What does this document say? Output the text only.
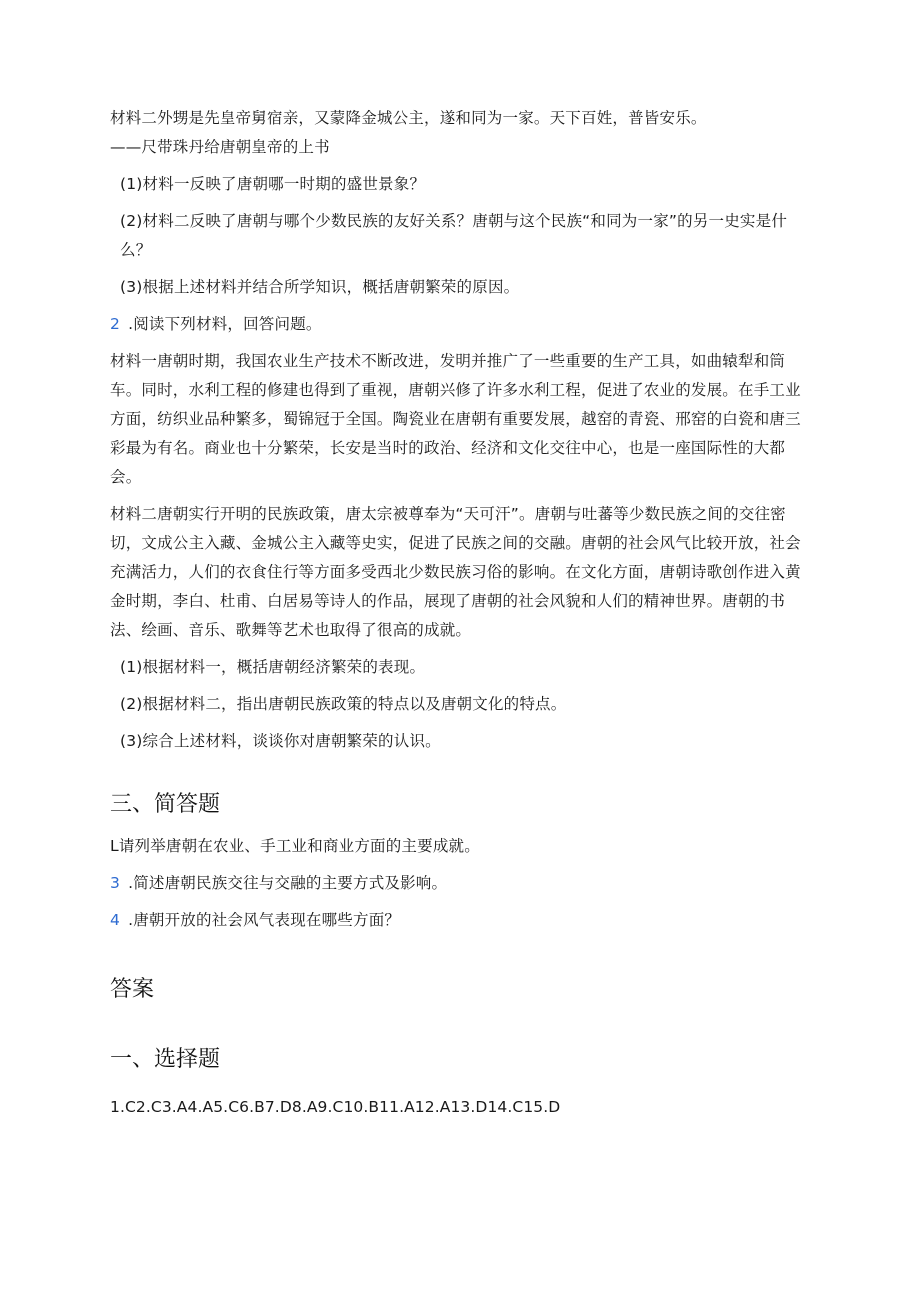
材料二外甥是先皇帝舅宿亲，又蒙降金城公主，遂和同为一家。天下百姓，普皆安乐。

——尺带珠丹给唐朝皇帝的上书

(1)材料一反映了唐朝哪一时期的盛世景象？

(2)材料二反映了唐朝与哪个少数民族的友好关系？唐朝与这个民族“和同为一家”的另一史实是什么？

(3)根据上述材料并结合所学知识，概括唐朝繁荣的原因。

2 .阅读下列材料，回答问题。

材料一唐朝时期，我国农业生产技术不断改进，发明并推广了一些重要的生产工具，如曲辕犁和筒车。同时，水利工程的修建也得到了重视，唐朝兴修了许多水利工程，促进了农业的发展。在手工业方面，纺织业品种繁多，蜀锦冠于全国。陶瓷业在唐朝有重要发展，越窑的青瓷、邢窑的白瓷和唐三彩最为有名。商业也十分繁荣，长安是当时的政治、经济和文化交往中心，也是一座国际性的大都会。

材料二唐朝实行开明的民族政策，唐太宗被尊奉为“天可汗”。唐朝与吐蕃等少数民族之间的交往密切，文成公主入藏、金城公主入藏等史实，促进了民族之间的交融。唐朝的社会风气比较开放，社会充满活力，人们的衣食住行等方面多受西北少数民族习俗的影响。在文化方面，唐朝诗歌创作进入黄金时期，李白、杜甫、白居易等诗人的作品，展现了唐朝的社会风貌和人们的精神世界。唐朝的书法、绘画、音乐、歌舞等艺术也取得了很高的成就。

(1)根据材料一，概括唐朝经济繁荣的表现。

(2)根据材料二，指出唐朝民族政策的特点以及唐朝文化的特点。

(3)综合上述材料，谈谈你对唐朝繁荣的认识。

三、简答题

L请列举唐朝在农业、手工业和商业方面的主要成就。

3 .简述唐朝民族交往与交融的主要方式及影响。

4 .唐朝开放的社会风气表现在哪些方面？

答案
一、选择题

1.C2.C3.A4.A5.C6.B7.D8.A9.C10.B11.A12.A13.D14.C15.D
